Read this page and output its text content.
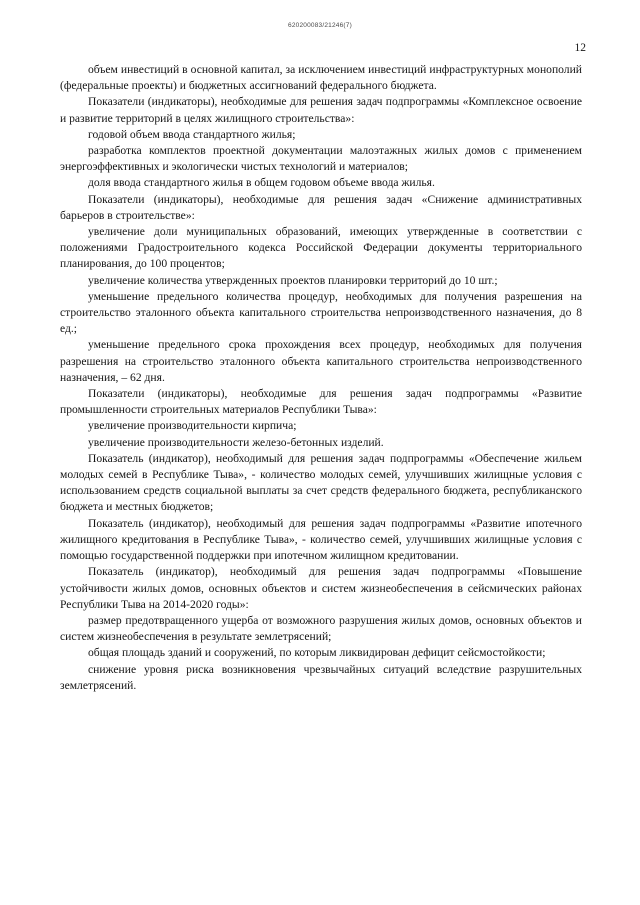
620200083/21246(7)
12

объем инвестиций в основной капитал, за исключением инвестиций инфраструктурных монополий (федеральные проекты) и бюджетных ассигнований федерального бюджета.

Показатели (индикаторы), необходимые для решения задач подпрограммы «Комплексное освоение и развитие территорий в целях жилищного строительства»:

годовой объем ввода стандартного жилья;

разработка комплектов проектной документации малоэтажных жилых домов с применением энергоэффективных и экологически чистых технологий и материалов;

доля ввода стандартного жилья в общем годовом объеме ввода жилья.

Показатели (индикаторы), необходимые для решения задач «Снижение административных барьеров в строительстве»:

увеличение доли муниципальных образований, имеющих утвержденные в соответствии с положениями Градостроительного кодекса Российской Федерации документы территориального планирования, до 100 процентов;

увеличение количества утвержденных проектов планировки территорий до 10 шт.;

уменьшение предельного количества процедур, необходимых для получения разрешения на строительство эталонного объекта капитального строительства непроизводственного назначения, до 8 ед.;

уменьшение предельного срока прохождения всех процедур, необходимых для получения разрешения на строительство эталонного объекта капитального строительства непроизводственного назначения, – 62 дня.

Показатели (индикаторы), необходимые для решения задач подпрограммы «Развитие промышленности строительных материалов Республики Тыва»:

увеличение производительности кирпича;

увеличение производительности железо-бетонных изделий.

Показатель (индикатор), необходимый для решения задач подпрограммы «Обеспечение жильем молодых семей в Республике Тыва», - количество молодых семей, улучшивших жилищные условия с использованием средств социальной выплаты за счет средств федерального бюджета, республиканского бюджета и местных бюджетов;

Показатель (индикатор), необходимый для решения задач подпрограммы «Развитие ипотечного жилищного кредитования в Республике Тыва», - количество семей, улучшивших жилищные условия с помощью государственной поддержки при ипотечном жилищном кредитовании.

Показатель (индикатор), необходимый для решения задач подпрограммы «Повышение устойчивости жилых домов, основных объектов и систем жизнеобеспечения в сейсмических районах Республики Тыва на 2014-2020 годы»:

размер предотвращенного ущерба от возможного разрушения жилых домов, основных объектов и систем жизнеобеспечения в результате землетрясений;

общая площадь зданий и сооружений, по которым ликвидирован дефицит сейсмостойкости;

снижение уровня риска возникновения чрезвычайных ситуаций вследствие разрушительных землетрясений.
